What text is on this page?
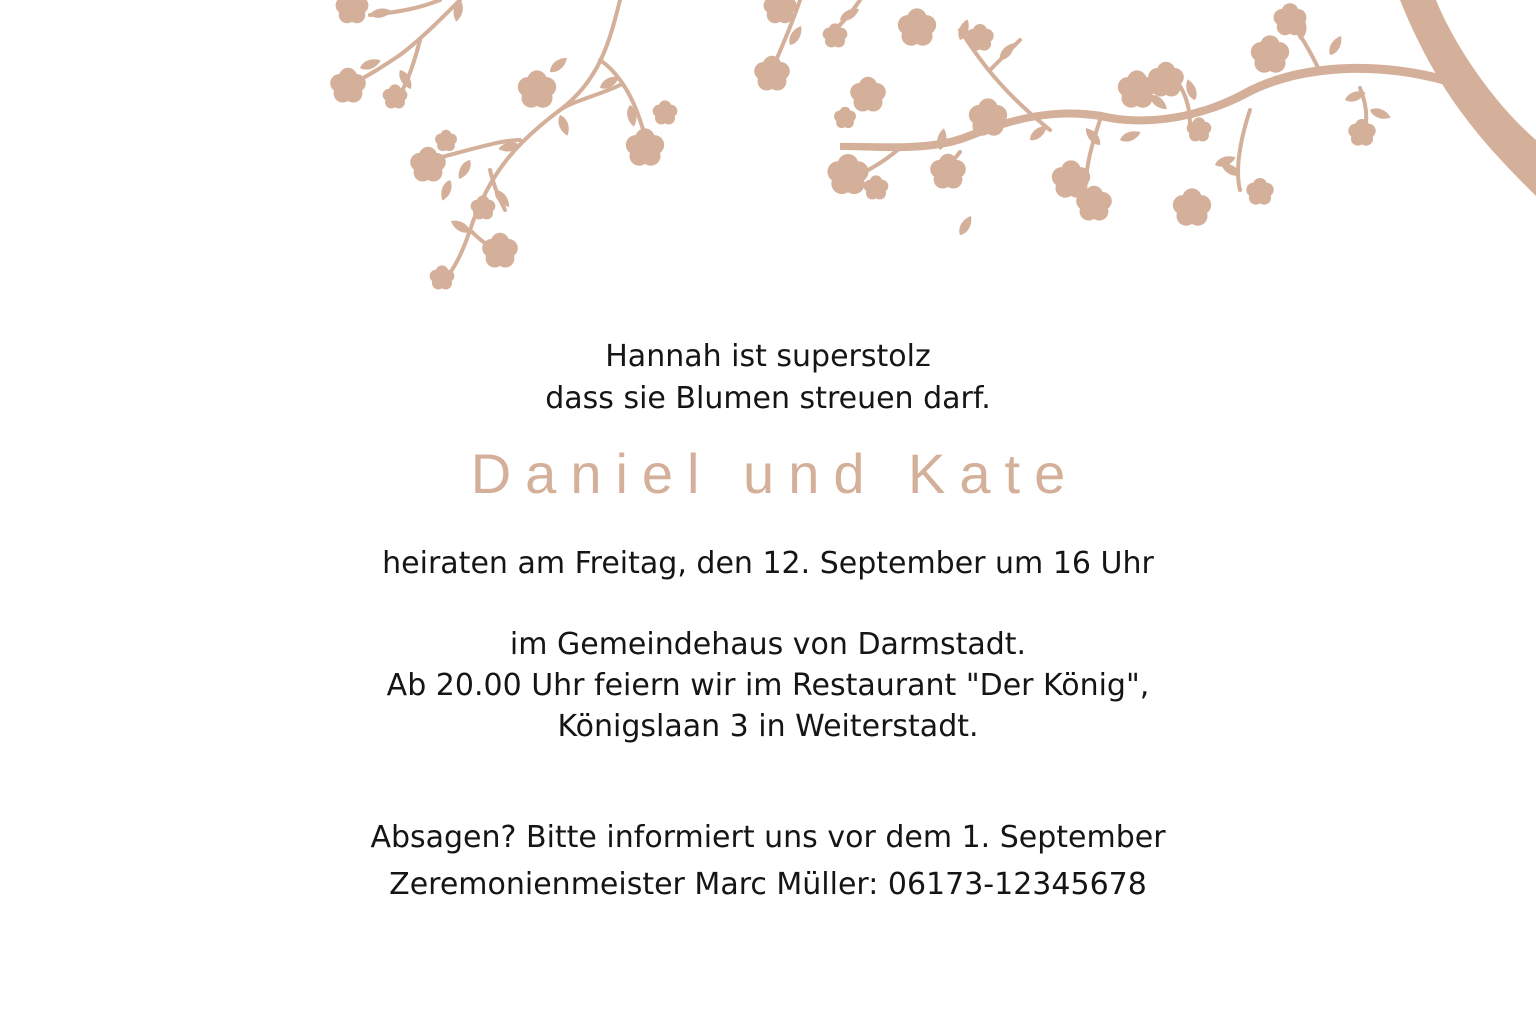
Hannah ist superstolz
dass sie Blumen streuen darf.

Daniel und Kate

heiraten am Freitag, den 12. September um 16 Uhr

im Gemeindehaus von Darmstadt.
Ab 20.00 Uhr feiern wir im Restaurant "Der König",
Königslaan 3 in Weiterstadt.

Absagen? Bitte informiert uns vor dem 1. September
Zeremonienmeister Marc Müller: 06173-12345678
